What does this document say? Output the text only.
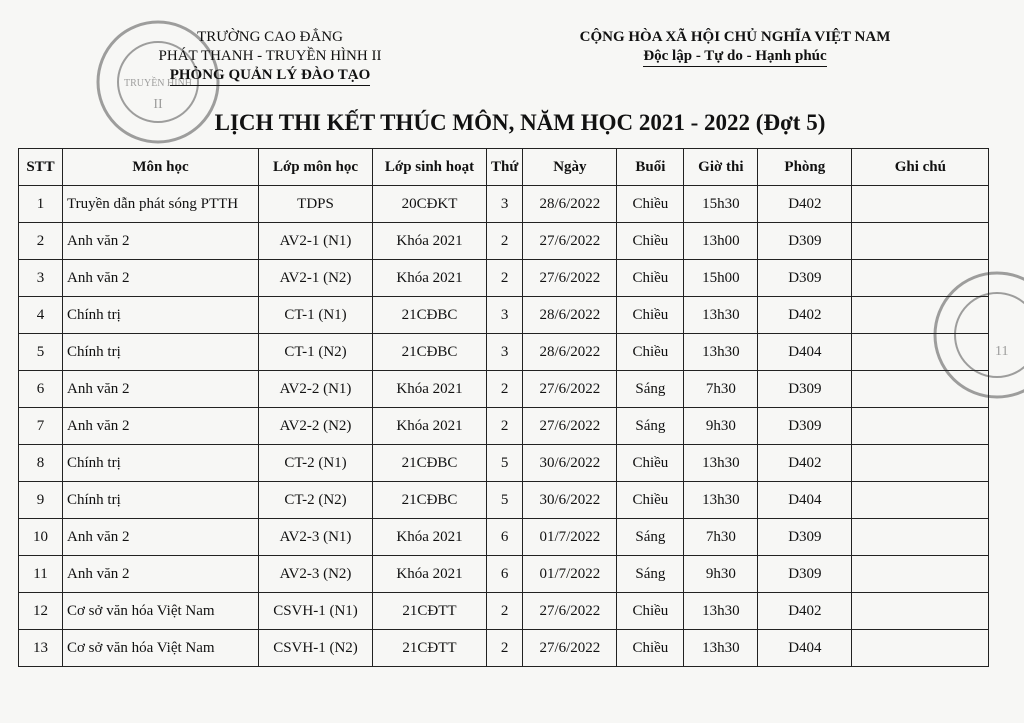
TRUYỀN HÌNH
II
11
TRƯỜNG CAO ĐẲNG
PHÁT THANH - TRUYỀN HÌNH II
PHÒNG QUẢN LÝ ĐÀO TẠO
CỘNG HÒA XÃ HỘI CHỦ NGHĨA VIỆT NAM
Độc lập - Tự do - Hạnh phúc
LỊCH THI KẾT THÚC MÔN, NĂM HỌC 2021 - 2022 (Đợt 5)
STT	Môn học	Lớp môn học	Lớp sinh hoạt	Thứ	Ngày	Buổi	Giờ thi	Phòng	Ghi chú
1	Truyền dẫn phát sóng PTTH	TDPS	20CĐKT	3	28/6/2022	Chiều	15h30	D402	
2	Anh văn 2	AV2-1 (N1)	Khóa 2021	2	27/6/2022	Chiều	13h00	D309	
3	Anh văn 2	AV2-1 (N2)	Khóa 2021	2	27/6/2022	Chiều	15h00	D309	
4	Chính trị	CT-1 (N1)	21CĐBC	3	28/6/2022	Chiều	13h30	D402	
5	Chính trị	CT-1 (N2)	21CĐBC	3	28/6/2022	Chiều	13h30	D404	
6	Anh văn 2	AV2-2 (N1)	Khóa 2021	2	27/6/2022	Sáng	7h30	D309	
7	Anh văn 2	AV2-2 (N2)	Khóa 2021	2	27/6/2022	Sáng	9h30	D309	
8	Chính trị	CT-2 (N1)	21CĐBC	5	30/6/2022	Chiều	13h30	D402	
9	Chính trị	CT-2 (N2)	21CĐBC	5	30/6/2022	Chiều	13h30	D404	
10	Anh văn 2	AV2-3 (N1)	Khóa 2021	6	01/7/2022	Sáng	7h30	D309	
11	Anh văn 2	AV2-3 (N2)	Khóa 2021	6	01/7/2022	Sáng	9h30	D309	
12	Cơ sở văn hóa Việt Nam	CSVH-1 (N1)	21CĐTT	2	27/6/2022	Chiều	13h30	D402	
13	Cơ sở văn hóa Việt Nam	CSVH-1 (N2)	21CĐTT	2	27/6/2022	Chiều	13h30	D404	
